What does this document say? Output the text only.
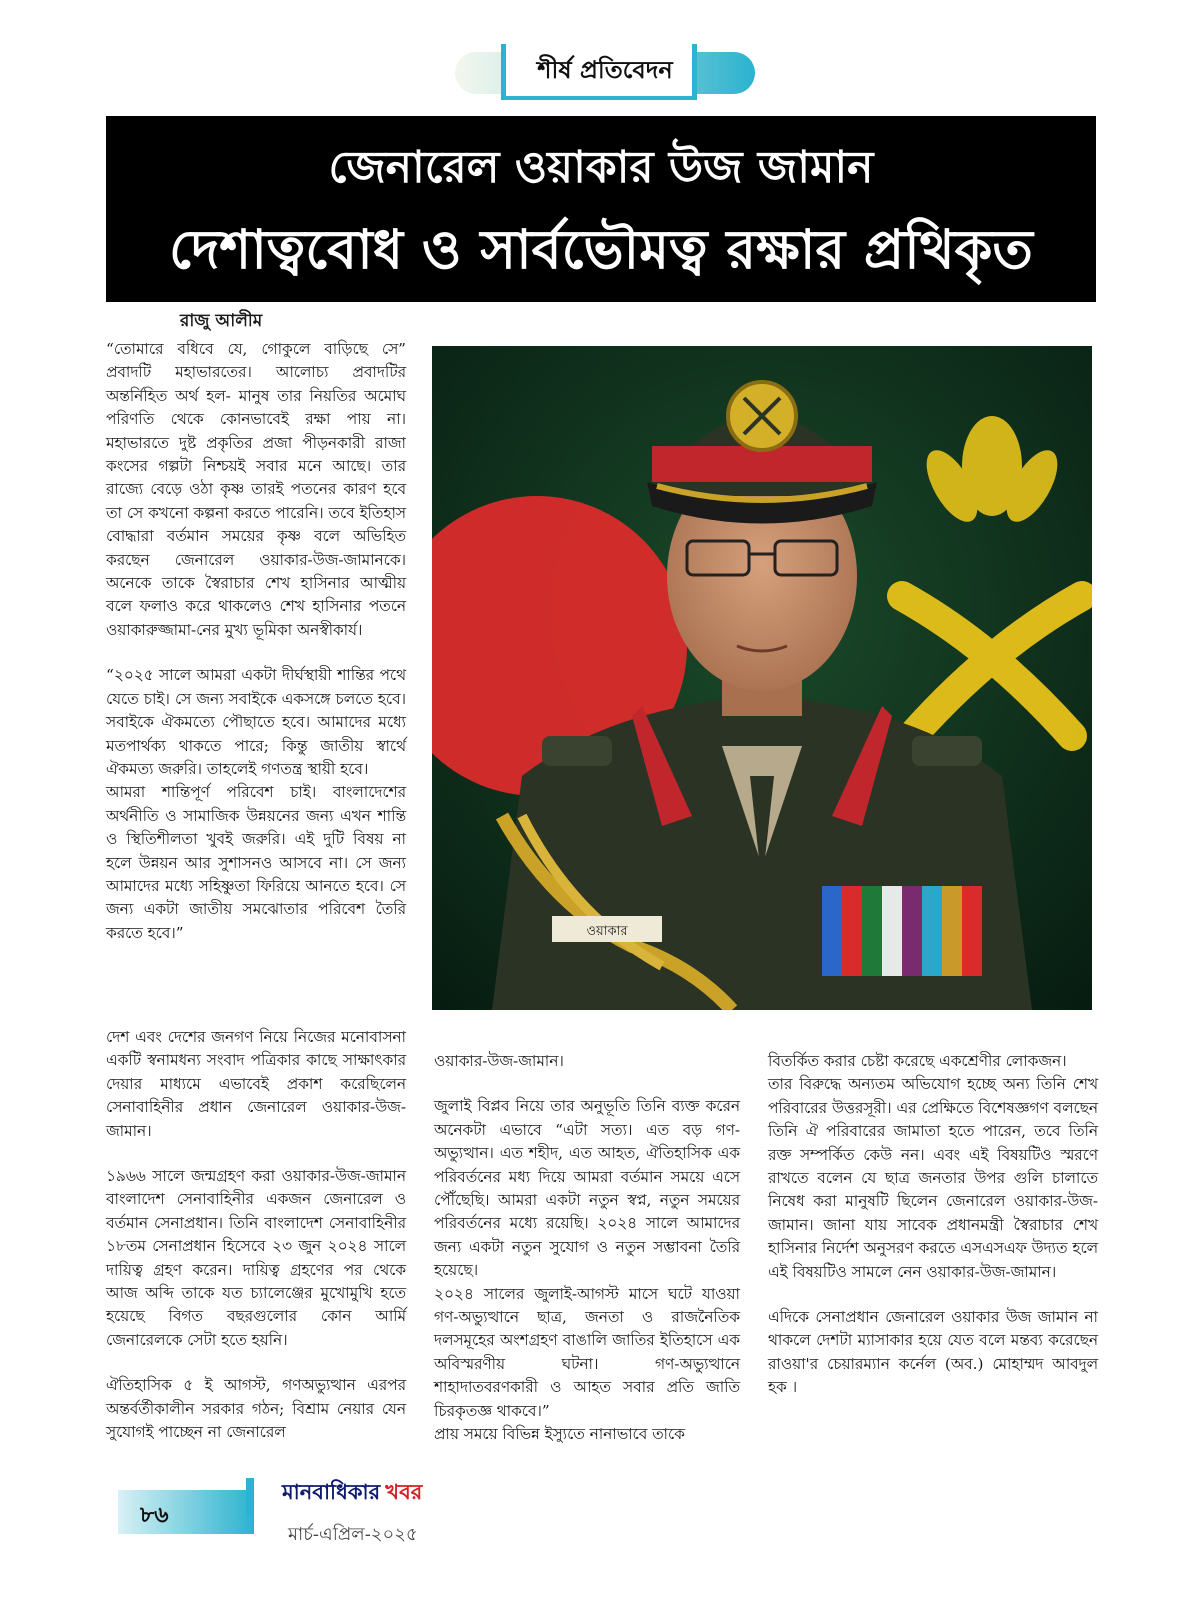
শীর্ষ প্রতিবেদন
জেনারেল ওয়াকার উজ জামান
দেশাত্ববোধ ও সার্বভৌমত্ব রক্ষার প্রথিকৃত
রাজু আলীম

“তোমারে বধিবে যে, গোকুলে বাড়িছে সে” প্রবাদটি মহাভারতের। আলোচ্য প্রবাদটির অন্তর্নিহিত অর্থ হল- মানুষ তার নিয়তির অমোঘ পরিণতি থেকে কোনভাবেই রক্ষা পায় না। মহাভারতে দুষ্ট প্রকৃতির প্রজা পীড়নকারী রাজা কংসের গল্পটা নিশ্চয়ই সবার মনে আছে। তার রাজ্যে বেড়ে ওঠা কৃষ্ণ তারই পতনের কারণ হবে তা সে কখনো কল্পনা করতে পারেনি। তবে ইতিহাস বোদ্ধারা বর্তমান সময়ের কৃষ্ণ বলে অভিহিত করছেন জেনারেল ওয়াকার-উজ-জামানকে। অনেকে তাকে স্বৈরাচার শেখ হাসিনার আত্মীয় বলে ফলাও করে থাকলেও শেখ হাসিনার পতনে ওয়াকারুজ্জামা-নের মুখ্য ভূমিকা অনস্বীকার্য।

“২০২৫ সালে আমরা একটা দীর্ঘস্থায়ী শান্তির পথে যেতে চাই। সে জন্য সবাইকে একসঙ্গে চলতে হবে। সবাইকে ঐকমত্যে পৌছাতে হবে। আমাদের মধ্যে মতপার্থক্য থাকতে পারে; কিন্তু জাতীয় স্বার্থে ঐকমত্য জরুরি। তাহলেই গণতন্ত্র স্থায়ী হবে।

আমরা শান্তিপূর্ণ পরিবেশ চাই। বাংলাদেশের অর্থনীতি ও সামাজিক উন্নয়নের জন্য এখন শান্তি ও স্থিতিশীলতা খুবই জরুরি। এই দুটি বিষয় না হলে উন্নয়ন আর সুশাসনও আসবে না। সে জন্য আমাদের মধ্যে সহিষ্ণুতা ফিরিয়ে আনতে হবে। সে জন্য একটা জাতীয় সমঝোতার পরিবেশ তৈরি করতে হবে।”	ওয়াকার

দেশ এবং দেশের জনগণ নিয়ে নিজের মনোবাসনা একটি স্বনামধন্য সংবাদ পত্রিকার কাছে সাক্ষাৎকার দেয়ার মাধ্যমে এভাবেই প্রকাশ করেছিলেন সেনাবাহিনীর প্রধান জেনারেল ওয়াকার-উজ-জামান।

১৯৬৬ সালে জন্মগ্রহণ করা ওয়াকার-উজ-জামান বাংলাদেশ সেনাবাহিনীর একজন জেনারেল ও বর্তমান সেনাপ্রধান। তিনি বাংলাদেশ সেনাবাহিনীর ১৮তম সেনাপ্রধান হিসেবে ২৩ জুন ২০২৪ সালে দায়িত্ব গ্রহণ করেন। দায়িত্ব গ্রহণের পর থেকে আজ অব্দি তাকে যত চ্যালেঞ্জের মুখোমুখি হতে হয়েছে বিগত বছরগুলোর কোন আর্মি জেনারেলকে সেটা হতে হয়নি।

ঐতিহাসিক ৫ ই আগস্ট, গণঅভ্যুত্থান এরপর অন্তর্বর্তীকালীন সরকার গঠন; বিশ্রাম নেয়ার যেন সুযোগই পাচ্ছেন না জেনারেল

ওয়াকার-উজ-জামান।

জুলাই বিপ্লব নিয়ে তার অনুভূতি তিনি ব্যক্ত করেন অনেকটা এভাবে “এটা সত্য। এত বড় গণ-অভ্যুত্থান। এত শহীদ, এত আহত, ঐতিহাসিক এক পরিবর্তনের মধ্য দিয়ে আমরা বর্তমান সময়ে এসে পৌঁছেছি। আমরা একটা নতুন স্বপ্ন, নতুন সময়ের পরিবর্তনের মধ্যে রয়েছি। ২০২৪ সালে আমাদের জন্য একটা নতুন সুযোগ ও নতুন সম্ভাবনা তৈরি হয়েছে।

২০২৪ সালের জুলাই-আগস্ট মাসে ঘটে যাওয়া গণ-অভ্যুত্থানে ছাত্র, জনতা ও রাজনৈতিক দলসমূহের অংশগ্রহণ বাঙালি জাতির ইতিহাসে এক অবিস্মরণীয় ঘটনা। গণ-অভ্যুত্থানে শাহাদাতবরণকারী ও আহত সবার প্রতি জাতি চিরকৃতজ্ঞ থাকবে।”

প্রায় সময়ে বিভিন্ন ইস্যুতে নানাভাবে তাকে

বিতর্কিত করার চেষ্টা করেছে একশ্রেণীর লোকজন।

তার বিরুদ্ধে অন্যতম অভিযোগ হচ্ছে অন্য তিনি শেখ পরিবারের উত্তরসূরী। এর প্রেক্ষিতে বিশেষজ্ঞগণ বলছেন তিনি ঐ পরিবারের জামাতা হতে পারেন, তবে তিনি রক্ত সম্পর্কিত কেউ নন। এবং এই বিষয়টিও স্মরণে রাখতে বলেন যে ছাত্র জনতার উপর গুলি চালাতে নিষেধ করা মানুষটি ছিলেন জেনারেল ওয়াকার-উজ-জামান। জানা যায় সাবেক প্রধানমন্ত্রী স্বৈরাচার শেখ হাসিনার নির্দেশ অনুসরণ করতে এসএসএফ উদ্যত হলে এই বিষয়টিও সামলে নেন ওয়াকার-উজ-জামান।

এদিকে সেনাপ্রধান জেনারেল ওয়াকার উজ জামান না থাকলে দেশটা ম্যাসাকার হয়ে যেত বলে মন্তব্য করেছেন রাওয়া'র চেয়ারম্যান কর্নেল (অব.) মোহাম্মদ আবদুল হক ।

৮৬
মানবাধিকার খবর
মার্চ-এপ্রিল-২০২৫
